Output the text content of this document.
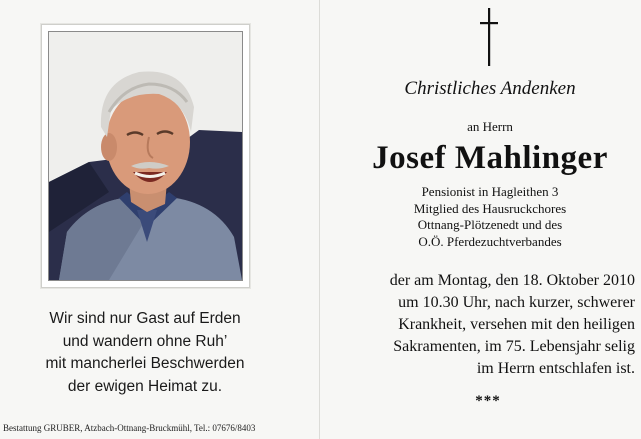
Wir sind nur Gast auf Erden
und wandern ohne Ruh’
mit mancherlei Beschwerden
der ewigen Heimat zu.
Bestattung GRUBER, Atzbach-Ottnang-Bruckmühl, Tel.: 07676/8403
Christliches Andenken
an Herrn
Josef Mahlinger
Pensionist in Hagleithen 3
Mitglied des Hausruckchores
Ottnang-Plötzenedt und des
O.Ö. Pferdezuchtverbandes
der am Montag, den 18. Oktober 2010
um 10.30 Uhr, nach kurzer, schwerer
Krankheit, versehen mit den heiligen
Sakramenten, im 75. Lebensjahr selig
im Herrn entschlafen ist.
***
